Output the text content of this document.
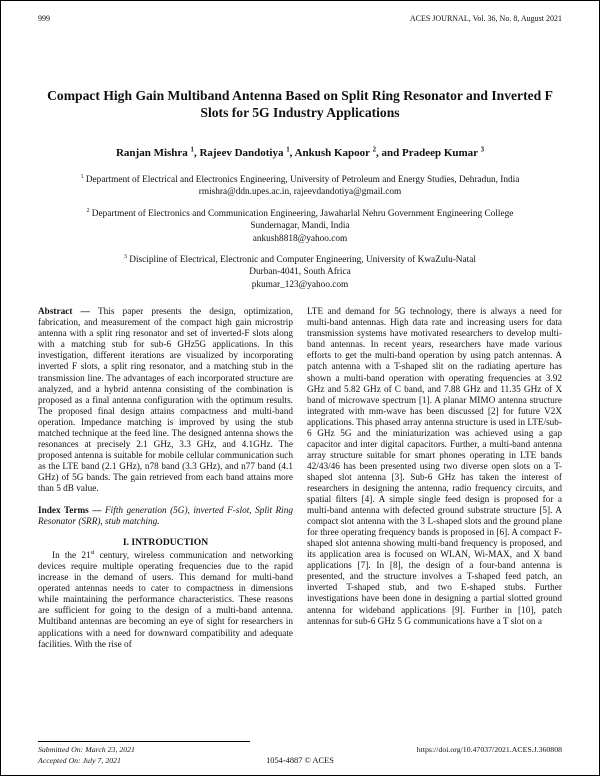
999	ACES JOURNAL, Vol. 36, No. 8, August 2021
Compact High Gain Multiband Antenna Based on Split Ring Resonator and Inverted F Slots for 5G Industry Applications
Ranjan Mishra $^1$, Rajeev Dandotiya $^1$, Ankush Kapoor $^2$, and Pradeep Kumar $^3$
$^1$ Department of Electrical and Electronics Engineering, University of Petroleum and Energy Studies, Dehradun, India
rmishra@ddn.upes.ac.in, rajeevdandotiya@gmail.com
$^2$ Department of Electronics and Communication Engineering, Jawaharlal Nehru Government Engineering College
Sundernagar, Mandi, India
ankush8818@yahoo.com
$^3$ Discipline of Electrical, Electronic and Computer Engineering, University of KwaZulu-Natal
Durban-4041, South Africa
pkumar_123@yahoo.com

Abstract — This paper presents the design, optimization, fabrication, and measurement of the compact high gain microstrip antenna with a split ring resonator and set of inverted-F slots along with a matching stub for sub-6 GHz5G applications. In this investigation, different iterations are visualized by incorporating inverted F slots, a split ring resonator, and a matching stub in the transmission line. The advantages of each incorporated structure are analyzed, and a hybrid antenna consisting of the combination is proposed as a final antenna configuration with the optimum results. The proposed final design attains compactness and multi-band operation. Impedance matching is improved by using the stub matched technique at the feed line. The designed antenna shows the resonances at precisely 2.1 GHz, 3.3 GHz, and 4.1GHz. The proposed antenna is suitable for mobile cellular communication such as the LTE band (2.1 GHz), n78 band (3.3 GHz), and n77 band (4.1 GHz) of 5G bands. The gain retrieved from each band attains more than 5 dB value.

Index Terms — Fifth generation (5G), inverted F-slot, Split Ring Resonator (SRR), stub matching.

I. INTRODUCTION

In the 21st century, wireless communication and networking devices require multiple operating frequencies due to the rapid increase in the demand of users. This demand for multi-band operated antennas needs to cater to compactness in dimensions while maintaining the performance characteristics. These reasons are sufficient for going to the design of a multi-band antenna. Multiband antennas are becoming an eye of sight for researchers in applications with a need for downward compatibility and adequate facilities. With the rise of

LTE and demand for 5G technology, there is always a need for multi-band antennas. High data rate and increasing users for data transmission systems have motivated researchers to develop multi-band antennas. In recent years, researchers have made various efforts to get the multi-band operation by using patch antennas. A patch antenna with a T-shaped slit on the radiating aperture has shown a multi-band operation with operating frequencies at 3.92 GHz and 5.82 GHz of C band, and 7.88 GHz and 11.35 GHz of X band of microwave spectrum [1]. A planar MIMO antenna structure integrated with mm-wave has been discussed [2] for future V2X applications. This phased array antenna structure is used in LTE/sub-6 GHz 5G and the miniaturization was achieved using a gap capacitor and inter digital capacitors. Further, a multi-band antenna array structure suitable for smart phones operating in LTE bands 42/43/46 has been presented using two diverse open slots on a T-shaped slot antenna [3]. Sub-6 GHz has taken the interest of researchers in designing the antenna, radio frequency circuits, and spatial filters [4]. A simple single feed design is proposed for a multi-band antenna with defected ground substrate structure [5]. A compact slot antenna with the 3 L-shaped slots and the ground plane for three operating frequency bands is proposed in [6]. A compact F-shaped slot antenna showing multi-band frequency is proposed, and its application area is focused on WLAN, Wi-MAX, and X band applications [7]. In [8], the design of a four-band antenna is presented, and the structure involves a T-shaped feed patch, an inverted T-shaped stub, and two E-shaped stubs. Further investigations have been done in designing a partial slotted ground antenna for wideband applications [9]. Further in [10], patch antennas for sub-6 GHz 5 G communications have a T slot on a

Submitted On: March 23, 2021
Accepted On: July 7, 2021	1054-4887 © ACES
https://doi.org/10.47037/2021.ACES.J.360808
